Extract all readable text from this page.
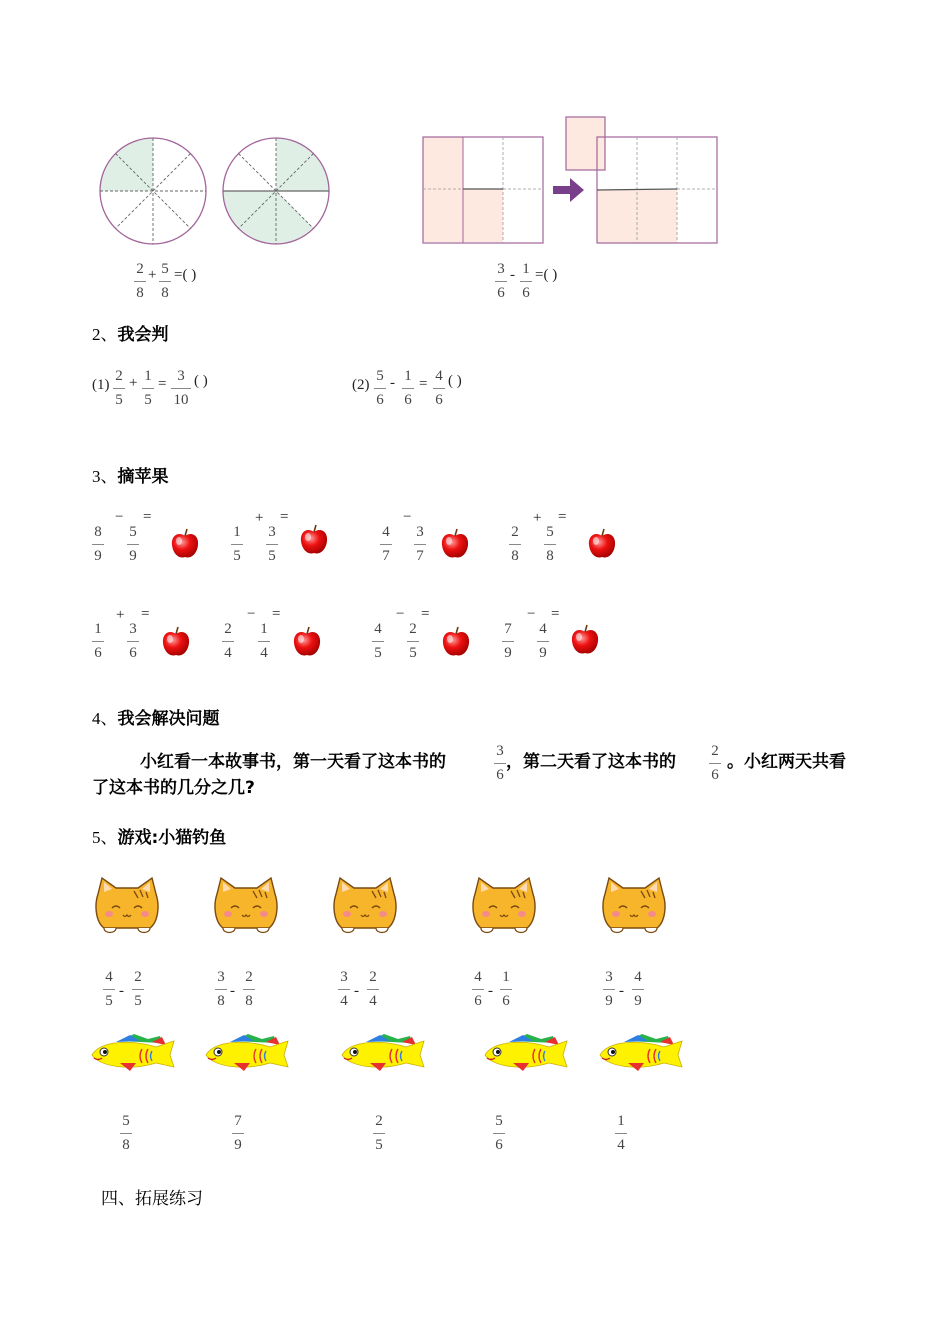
2
8
+ 5
8
=( )	3
6
- 1
6
=( )
2、我会判
(1)
2
5
+ 1
5
= 3
10
( )	(2)
5
6
- 1
6
= 4
6
( )
3、摘苹果
8
9
−
5
9
=
1
5
+
3
5
=
4
7
−
3
7
2
8
+
5
8
=
1
6
+
3
6
=
2
4
−
1
4
=
4
5
−
2
5
=
7
9
−
4
9
=
4、我会解决问题
小红看一本故事书，第一天看了这本书的
3
6
，第二天看了这本书的
2
6
。小红两天共看
了这本书的几分之几?
5、游戏:小猫钓鱼
4
5
-
2
5
3
8
-
2
8
3
4
-
2
4
4
6
-
1
6
3
9
-
4
9
5
8
7
9
2
5
5
6
1
4
四、拓展练习
